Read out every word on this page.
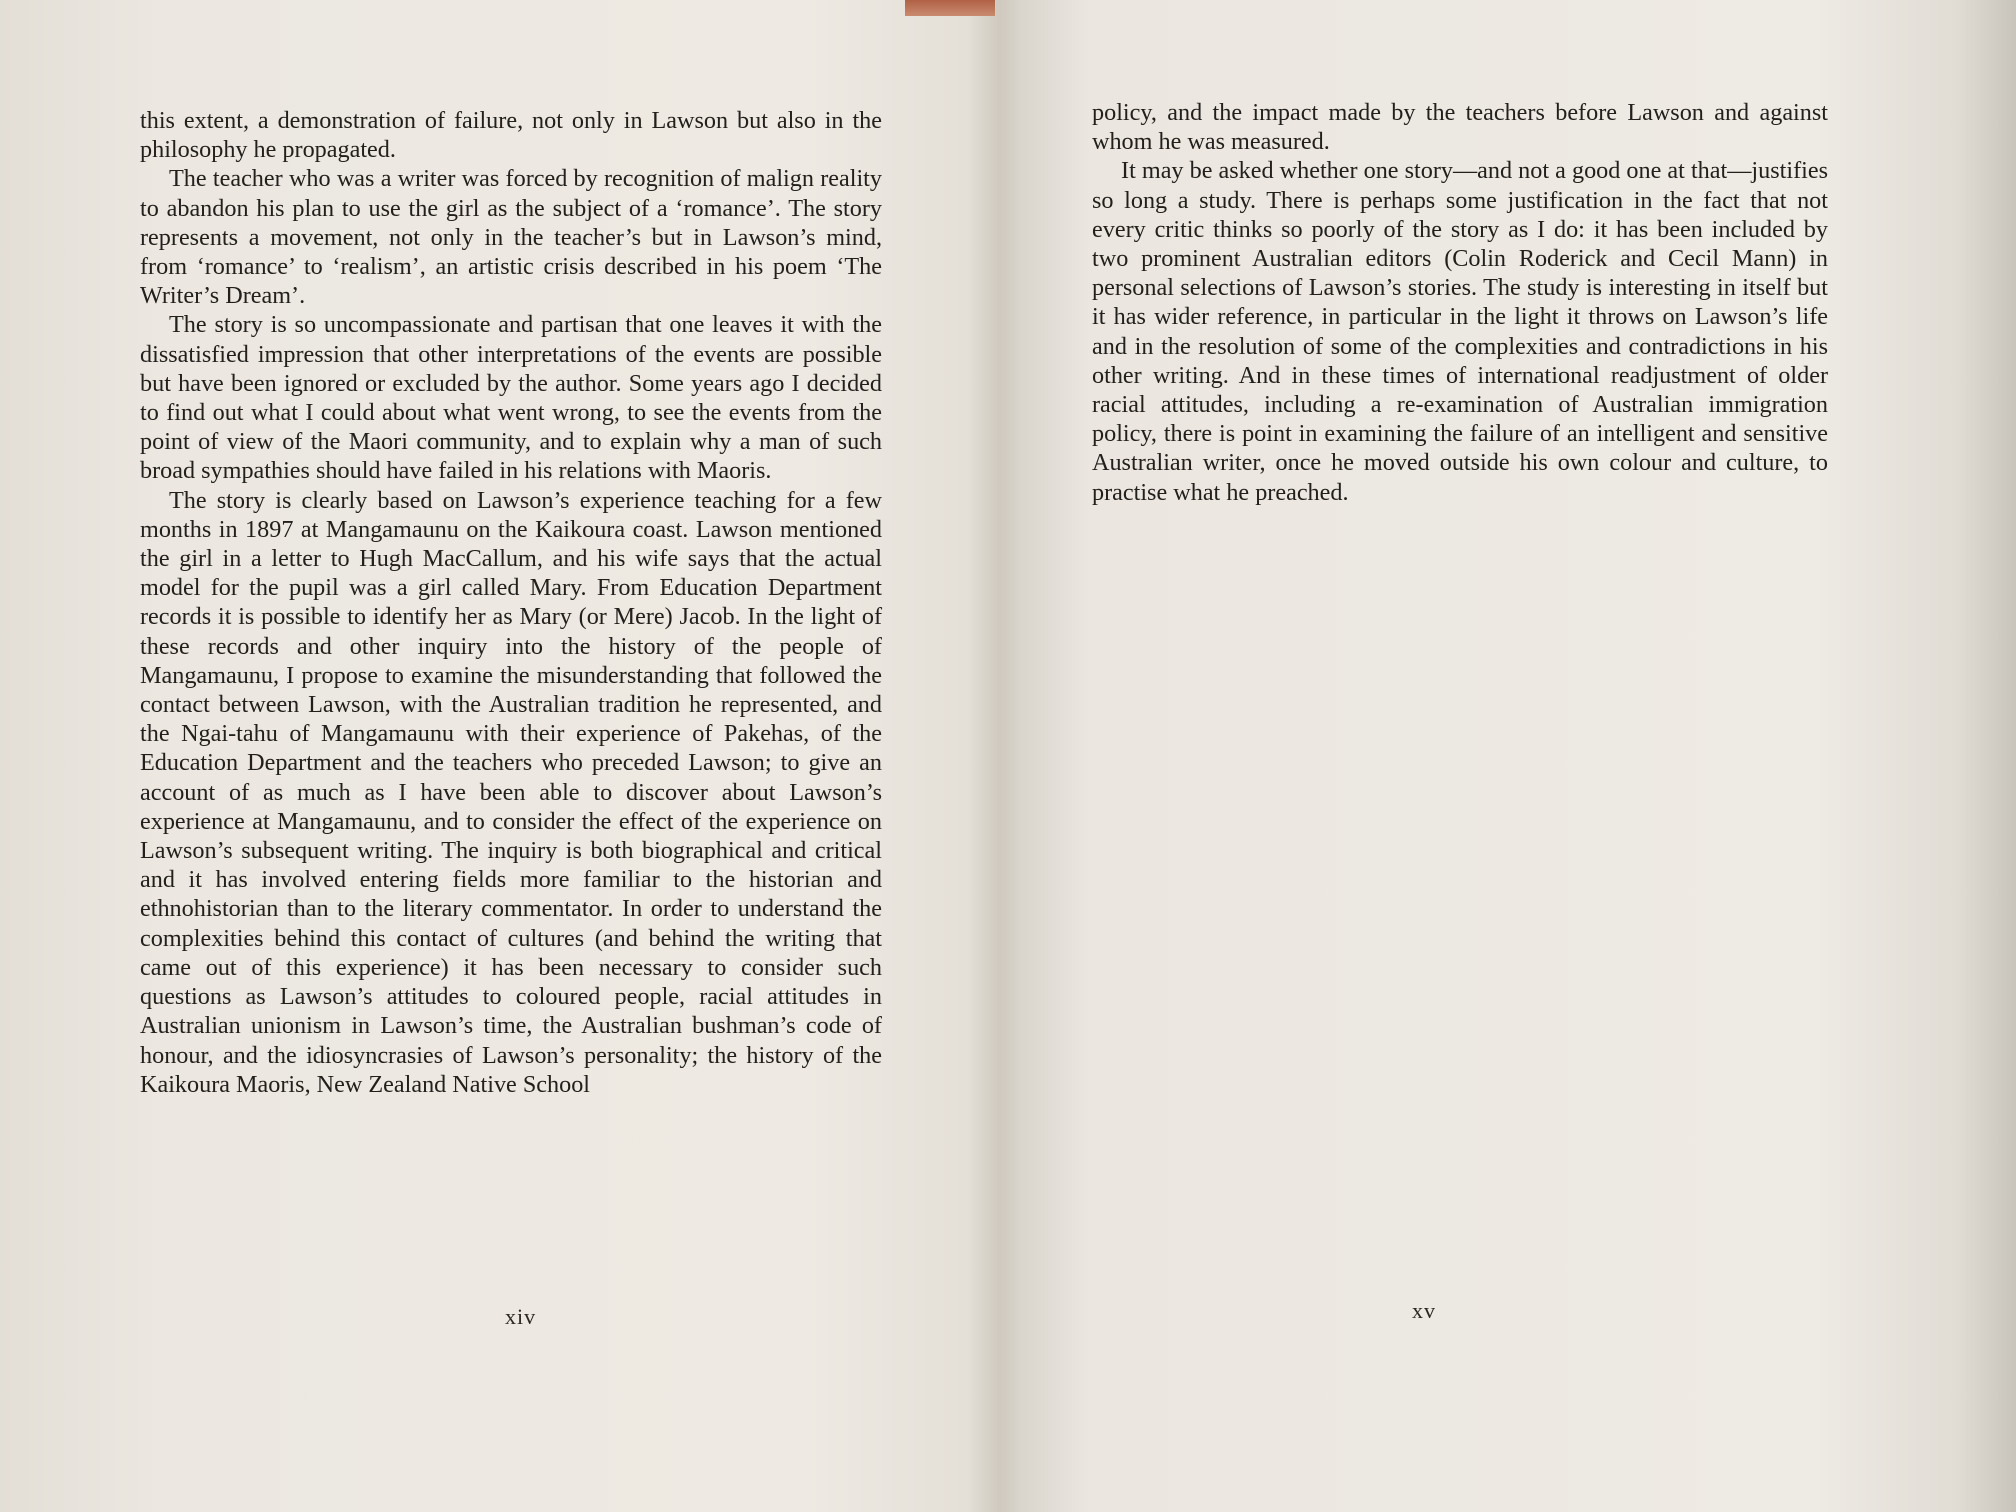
this extent, a demonstration of failure, not only in Lawson but also in the philosophy he propagated.

The teacher who was a writer was forced by recognition of malign reality to abandon his plan to use the girl as the subject of a ‘romance’. The story represents a movement, not only in the teacher’s but in Lawson’s mind, from ‘romance’ to ‘realism’, an artistic crisis described in his poem ‘The Writer’s Dream’.

The story is so uncompassionate and partisan that one leaves it with the dissatisfied impression that other interpretations of the events are possible but have been ignored or excluded by the author. Some years ago I decided to find out what I could about what went wrong, to see the events from the point of view of the Maori community, and to explain why a man of such broad sympathies should have failed in his relations with Maoris.

The story is clearly based on Lawson’s experience teaching for a few months in 1897 at Mangamaunu on the Kaikoura coast. Lawson mentioned the girl in a letter to Hugh MacCallum, and his wife says that the actual model for the pupil was a girl called Mary. From Education Department records it is possible to identify her as Mary (or Mere) Jacob. In the light of these records and other inquiry into the history of the people of Mangamaunu, I propose to examine the misunderstanding that followed the contact between Lawson, with the Australian tradition he represented, and the Ngai-tahu of Mangamaunu with their experience of Pakehas, of the Education Department and the teachers who preceded Lawson; to give an account of as much as I have been able to discover about Lawson’s experience at Mangamaunu, and to consider the effect of the experience on Lawson’s subsequent writing. The inquiry is both biographical and critical and it has involved entering fields more familiar to the historian and ethnohistorian than to the literary commentator. In order to understand the complexities behind this contact of cultures (and behind the writing that came out of this experience) it has been necessary to consider such questions as Lawson’s attitudes to coloured people, racial attitudes in Australian unionism in Lawson’s time, the Australian bushman’s code of honour, and the idiosyncrasies of Lawson’s personality; the history of the Kaikoura Maoris, New Zealand Native School

xiv

policy, and the impact made by the teachers before Lawson and against whom he was measured.

It may be asked whether one story—and not a good one at that—justifies so long a study. There is perhaps some justification in the fact that not every critic thinks so poorly of the story as I do: it has been included by two prominent Australian editors (Colin Roderick and Cecil Mann) in personal selections of Lawson’s stories. The study is interesting in itself but it has wider reference, in particular in the light it throws on Lawson’s life and in the resolution of some of the complexities and contradictions in his other writing. And in these times of international readjustment of older racial attitudes, including a re-examination of Australian immigration policy, there is point in examining the failure of an intelligent and sensitive Australian writer, once he moved outside his own colour and culture, to practise what he preached.

xv
